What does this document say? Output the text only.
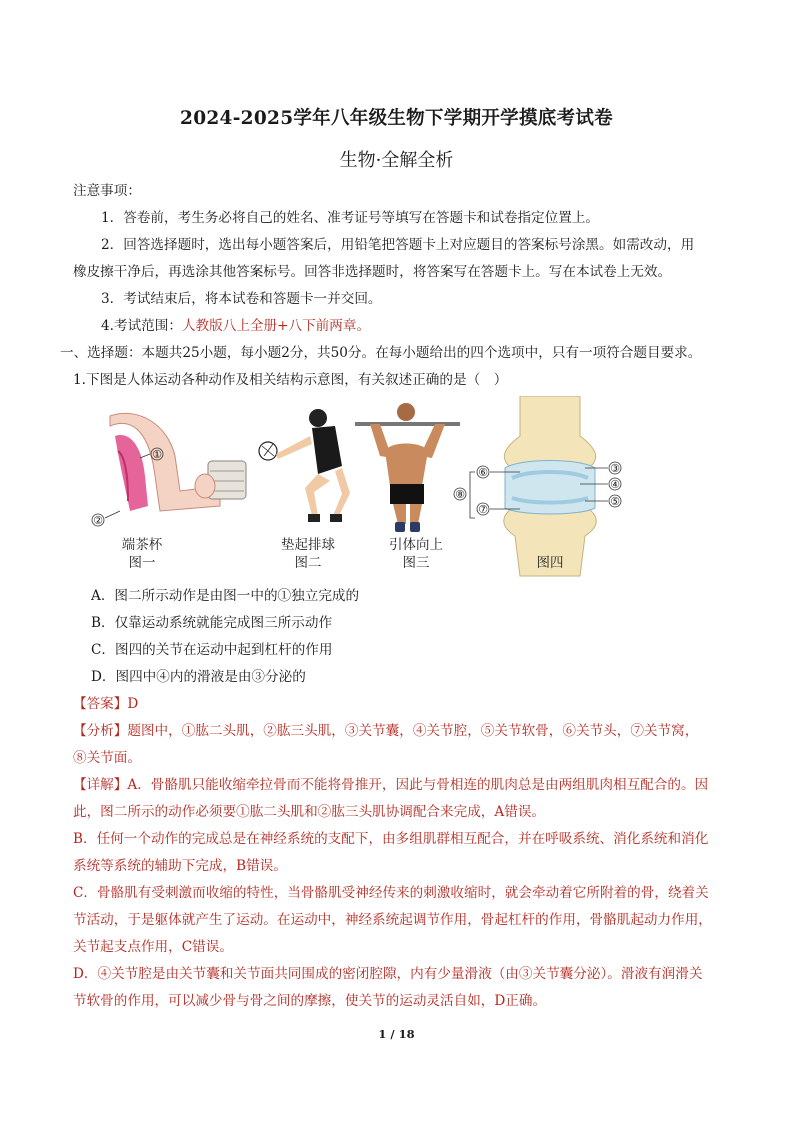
2024-2025学年八年级生物下学期开学摸底考试卷
生物·全解全析
注意事项：
1．答卷前，考生务必将自己的姓名、准考证号等填写在答题卡和试卷指定位置上。
2．回答选择题时，选出每小题答案后，用铅笔把答题卡上对应题目的答案标号涂黑。如需改动，用
橡皮擦干净后，再选涂其他答案标号。回答非选择题时，将答案写在答题卡上。写在本试卷上无效。
3．考试结束后，将本试卷和答题卡一并交回。
4.考试范围：人教版八上全册+八下前两章。
一、选择题：本题共25小题，每小题2分，共50分。在每小题给出的四个选项中，只有一项符合题目要求。
1.下图是人体运动各种动作及相关结构示意图，有关叙述正确的是（　）
①
②
端茶杯
图一
垫起排球
图二
引体向上
图三
⑥
⑦
⑧
③
④
⑤
图四
A．图二所示动作是由图一中的①独立完成的
B．仅靠运动系统就能完成图三所示动作
C．图四的关节在运动中起到杠杆的作用
D．图四中④内的滑液是由③分泌的
【答案】D
【分析】题图中，①肱二头肌，②肱三头肌，③关节囊，④关节腔，⑤关节软骨，⑥关节头，⑦关节窝，
⑧关节面。
【详解】A．骨骼肌只能收缩牵拉骨而不能将骨推开，因此与骨相连的肌肉总是由两组肌肉相互配合的。因
此，图二所示的动作必须要①肱二头肌和②肱三头肌协调配合来完成，A错误。
B．任何一个动作的完成总是在神经系统的支配下，由多组肌群相互配合，并在呼吸系统、消化系统和消化
系统等系统的辅助下完成，B错误。
C．骨骼肌有受刺激而收缩的特性，当骨骼肌受神经传来的刺激收缩时，就会牵动着它所附着的骨，绕着关
节活动，于是躯体就产生了运动。在运动中，神经系统起调节作用，骨起杠杆的作用，骨骼肌起动力作用，
关节起支点作用，C错误。
D．④关节腔是由关节囊和关节面共同围成的密闭腔隙，内有少量滑液（由③关节囊分泌）。滑液有润滑关
节软骨的作用，可以减少骨与骨之间的摩擦，使关节的运动灵活自如，D正确。
1 / 18
